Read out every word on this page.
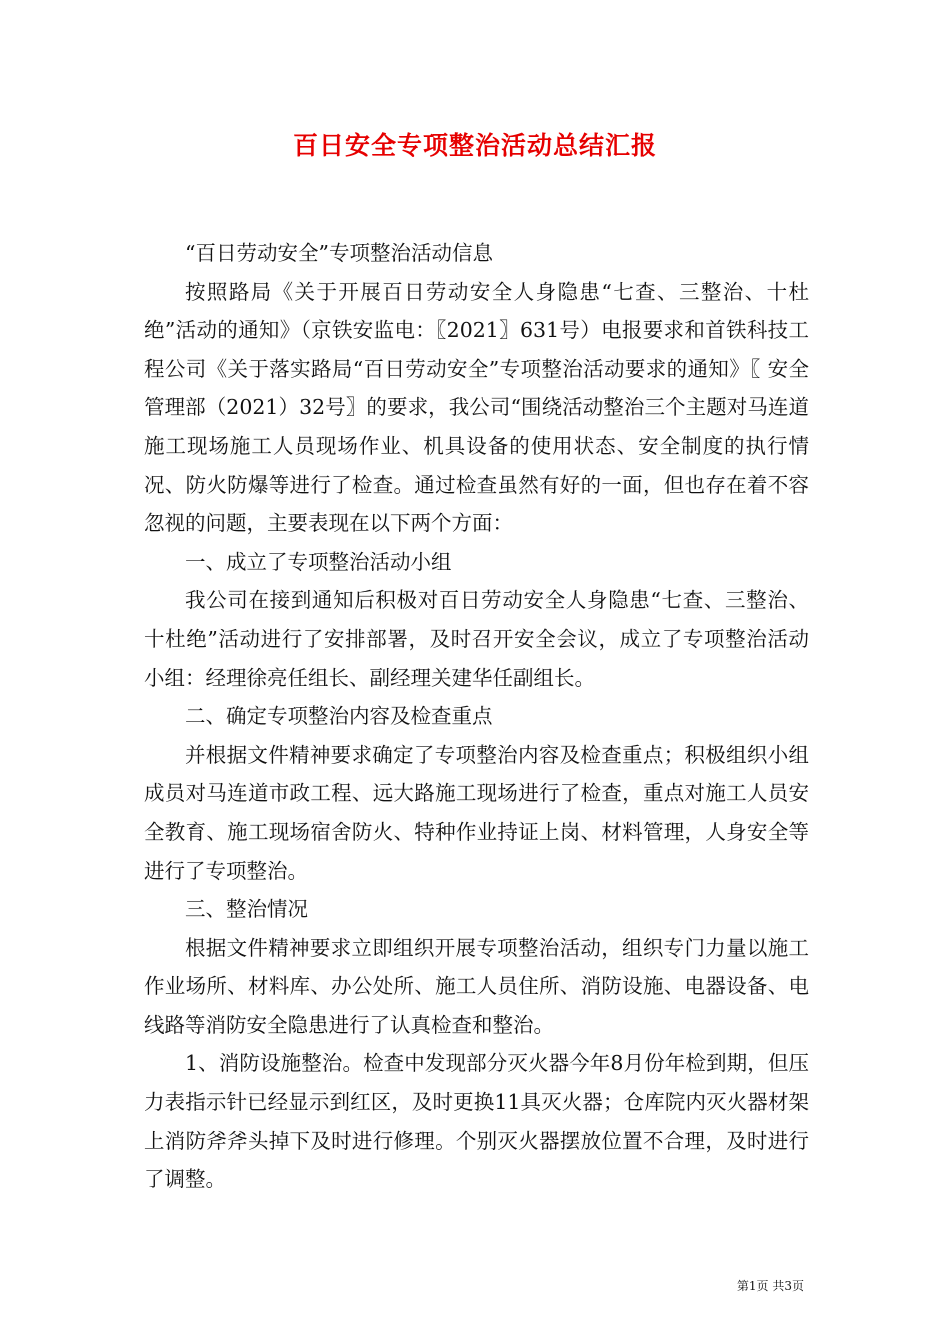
百日安全专项整治活动总结汇报

“百日劳动安全”专项整治活动信息

按照路局《关于开展百日劳动安全人身隐患“七查、三整治、十杜绝”活动的通知》（京铁安监电：〖2021〗631号）电报要求和首铁科技工程公司《关于落实路局“百日劳动安全”专项整治活动要求的通知》〖 安全管理部（2021）32号〗的要求，我公司“围绕活动整治三个主题对马连道施工现场施工人员现场作业、机具设备的使用状态、安全制度的执行情况、防火防爆等进行了检查。通过检查虽然有好的一面，但也存在着不容忽视的问题，主要表现在以下两个方面：

一、成立了专项整治活动小组

我公司在接到通知后积极对百日劳动安全人身隐患“七查、三整治、十杜绝”活动进行了安排部署，及时召开安全会议，成立了专项整治活动小组：经理徐亮任组长、副经理关建华任副组长。

二、确定专项整治内容及检查重点

并根据文件精神要求确定了专项整治内容及检查重点；积极组织小组成员对马连道市政工程、远大路施工现场进行了检查，重点对施工人员安全教育、施工现场宿舍防火、特种作业持证上岗、材料管理，人身安全等进行了专项整治。

三、整治情况

根据文件精神要求立即组织开展专项整治活动，组织专门力量以施工作业场所、材料库、办公处所、施工人员住所、消防设施、电器设备、电线路等消防安全隐患进行了认真检查和整治。

1、消防设施整治。检查中发现部分灭火器今年8月份年检到期，但压力表指示针已经显示到红区，及时更换11具灭火器；仓库院内灭火器材架上消防斧斧头掉下及时进行修理。个别灭火器摆放位置不合理，及时进行了调整。

第1页 共3页
